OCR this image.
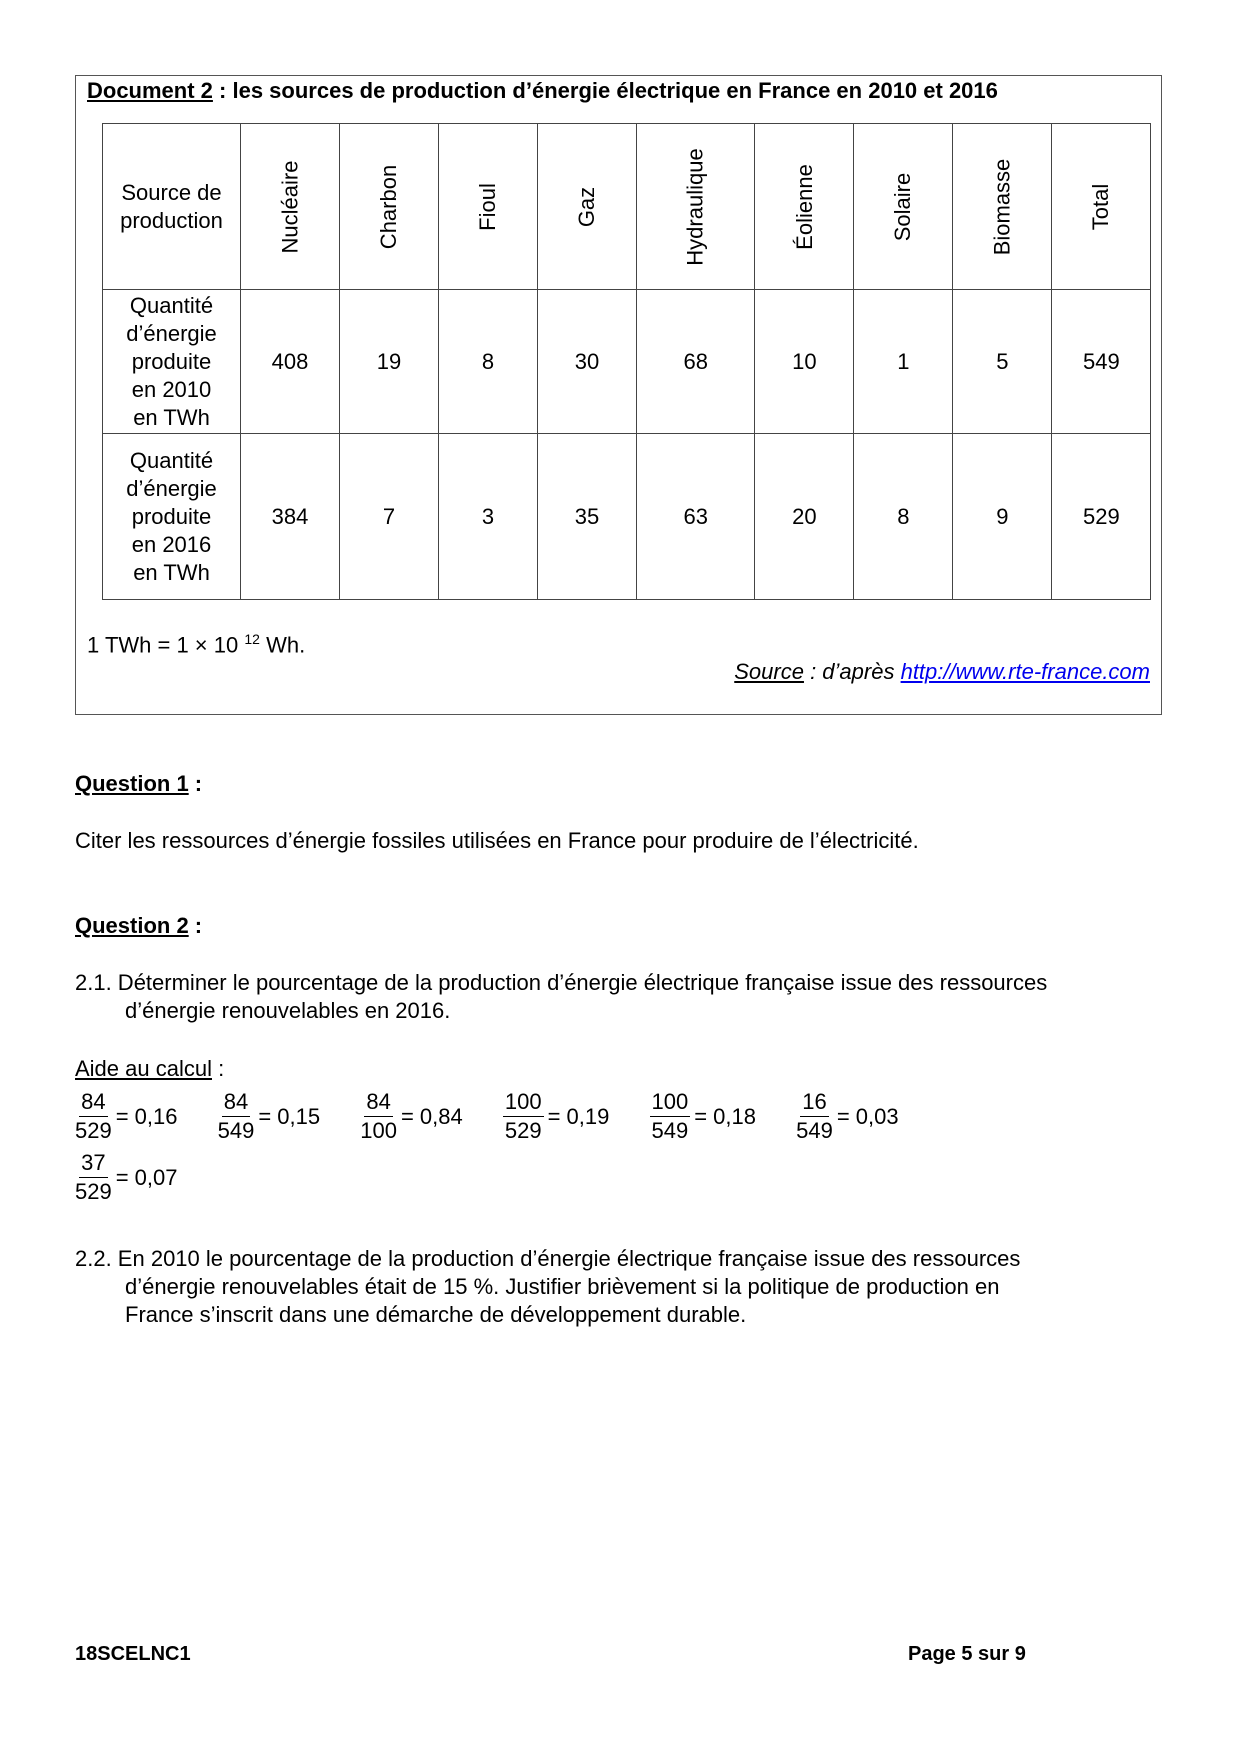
Document 2 : les sources de production d’énergie électrique en France en 2010 et 2016
Source de
production	Nucléaire	Charbon	Fioul	Gaz	Hydraulique	Éolienne	Solaire	Biomasse	Total

Quantité
d’énergie
produite
en 2010
en TWh	408	19	8	30	68	10	1	5	549

Quantité
d’énergie
produite
en 2016
en TWh	384	7	3	35	63	20	8	9	529
1 TWh = 1 × 10 $^{12}$ Wh.
Source : d’après http://www.rte-france.com
Question 1 :
Citer les ressources d’énergie fossiles utilisées en France pour produire de l’électricité.
Question 2 :
2.1. Déterminer le pourcentage de la production d’énergie électrique française issue des ressources
d’énergie renouvelables en 2016.
Aide au calcul :
$\frac{84}{529} = 0,16$
$\frac{84}{549} = 0,15$
$\frac{84}{100} = 0,84$
$\frac{100}{529} = 0,19$
$\frac{100}{549} = 0,18$
$\frac{16}{549} = 0,03$
$\frac{37}{529} = 0,07$
2.2. En 2010 le pourcentage de la production d’énergie électrique française issue des ressources
d’énergie renouvelables était de 15 %. Justifier brièvement si la politique de production en
France s’inscrit dans une démarche de développement durable.
18SCELNC1	Page 5 sur 9
